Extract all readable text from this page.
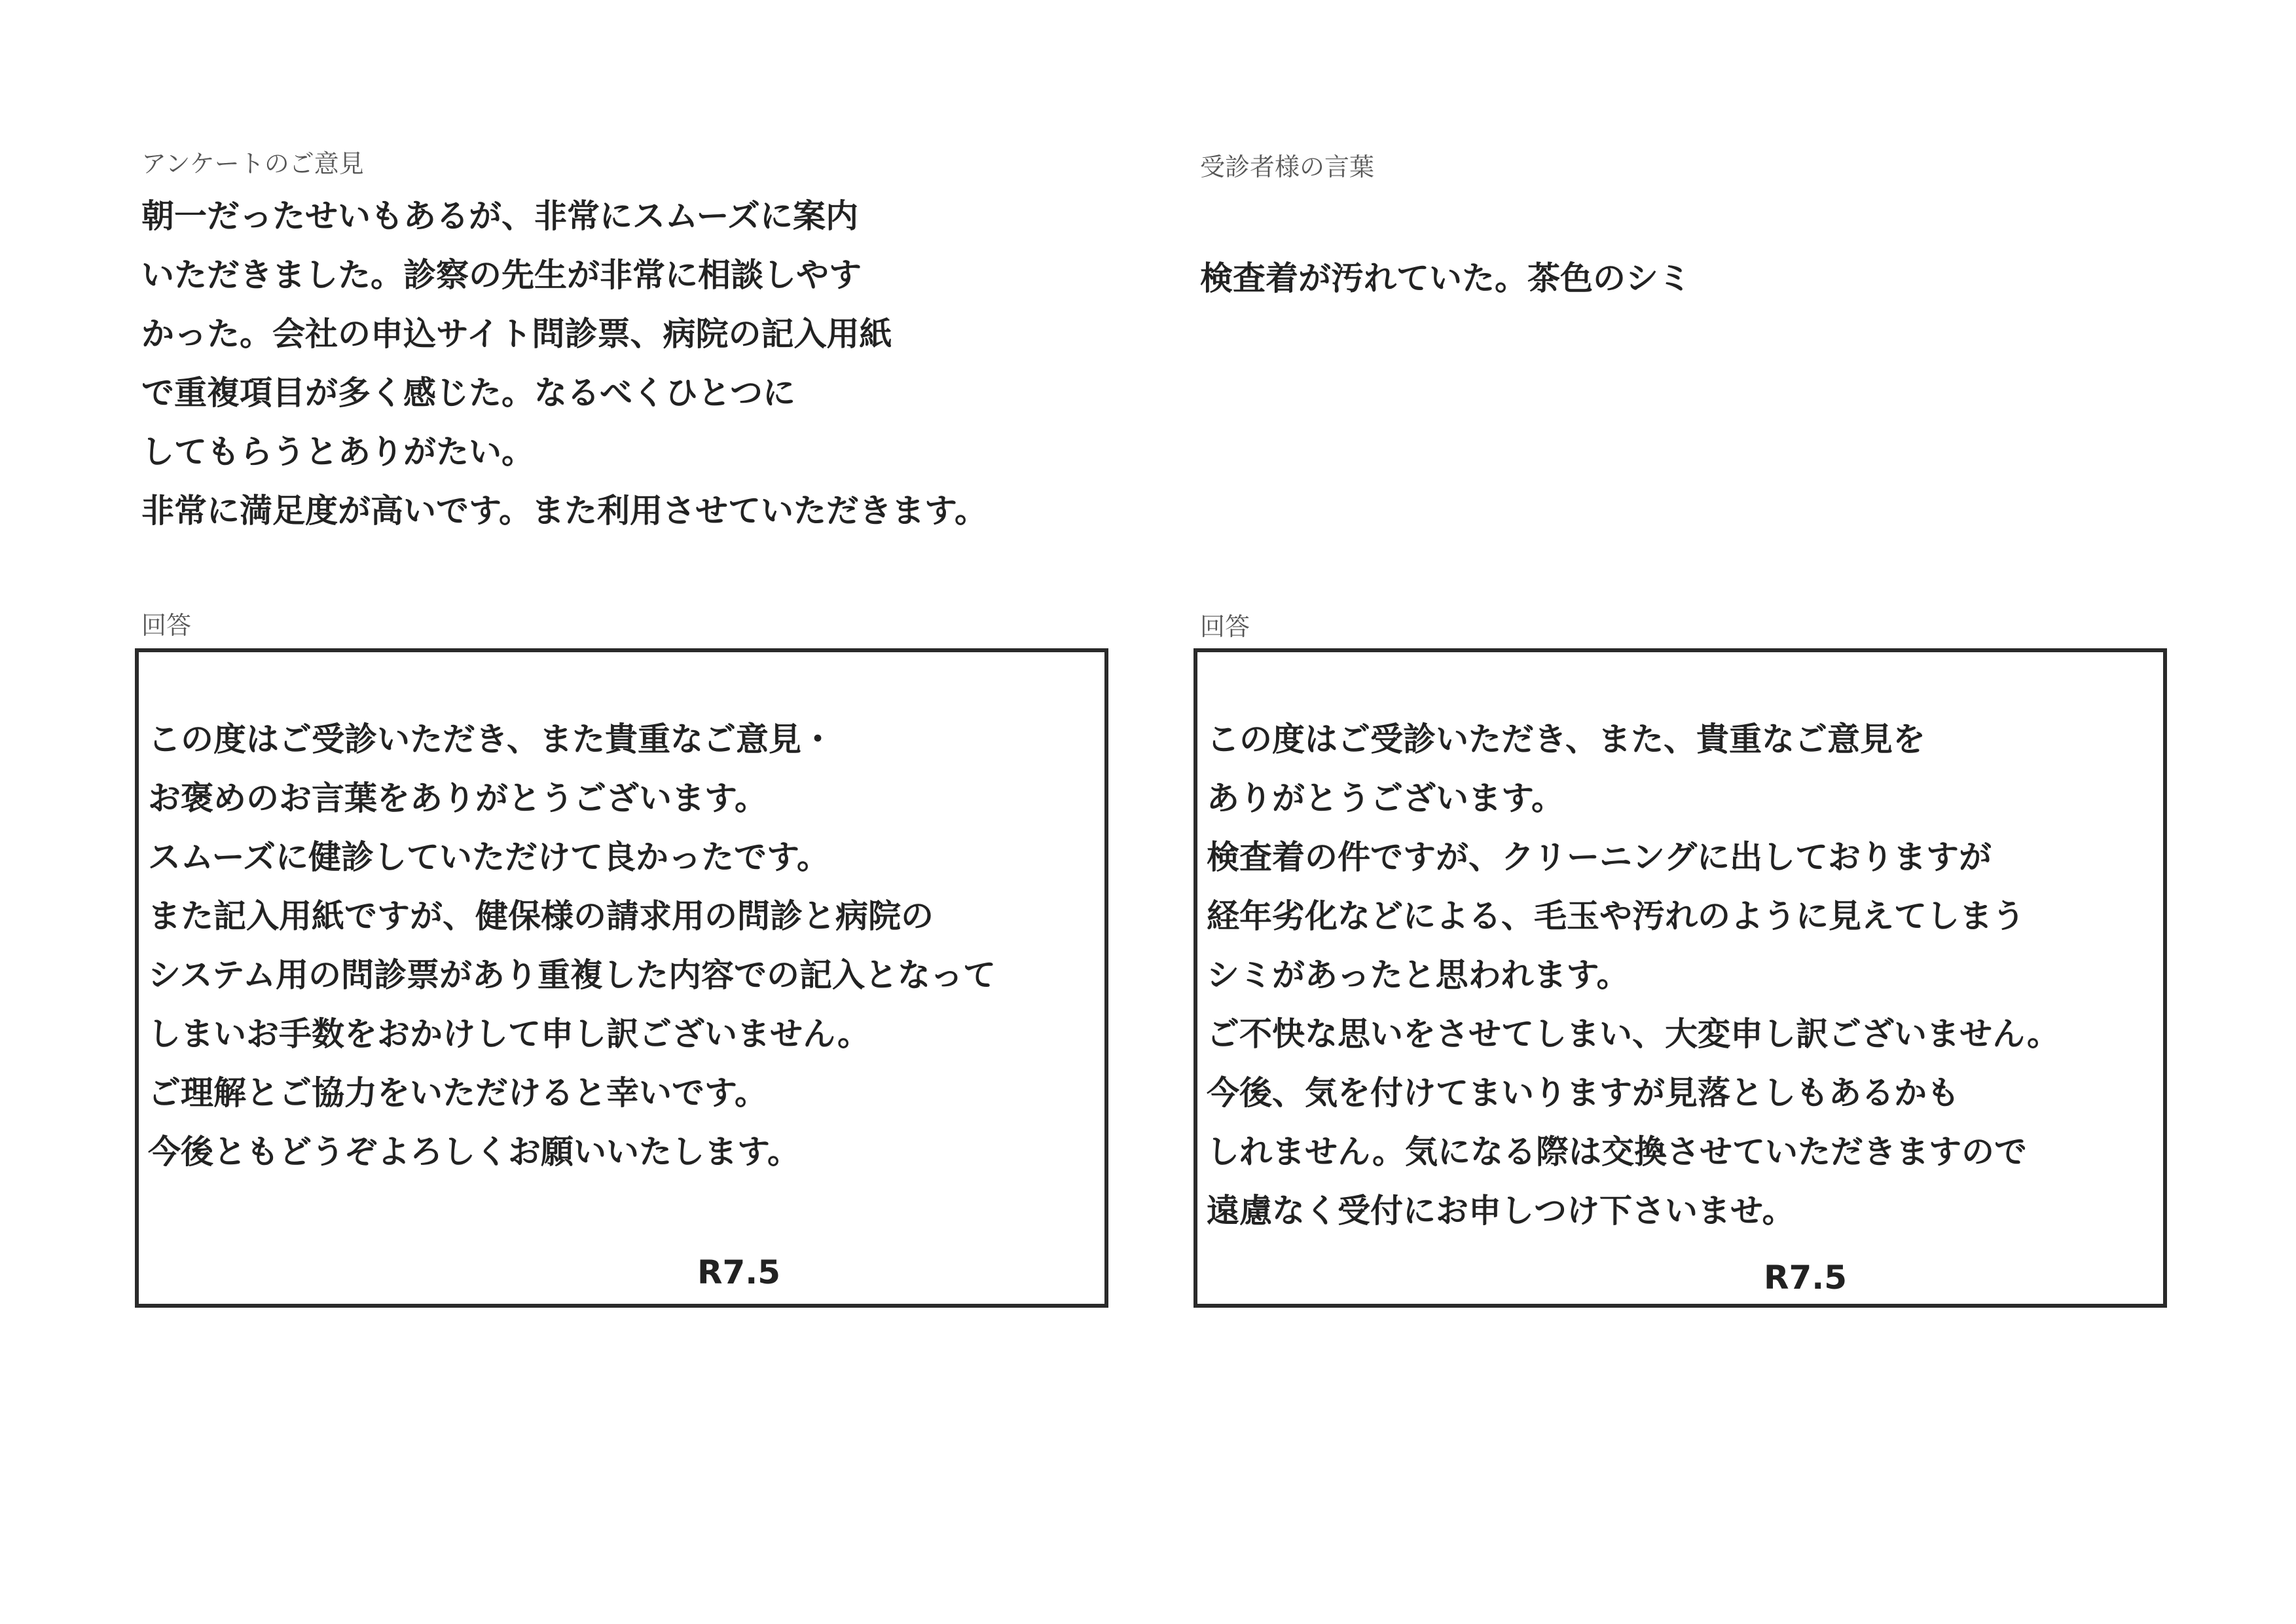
アンケートのご意見
朝一だったせいもあるが、非常にスムーズに案内
いただきました。診察の先生が非常に相談しやす
かった。会社の申込サイト問診票、病院の記入用紙
で重複項目が多く感じた。なるべくひとつに
してもらうとありがたい。
非常に満足度が高いです。また利用させていただきます。
回答
この度はご受診いただき、また貴重なご意見・
お褒めのお言葉をありがとうございます。
スムーズに健診していただけて良かったです。
また記入用紙ですが、健保様の請求用の問診と病院の
システム用の問診票があり重複した内容での記入となって
しまいお手数をおかけして申し訳ございません。
ご理解とご協力をいただけると幸いです。
今後ともどうぞよろしくお願いいたします。
R7.5
受診者様の言葉
検査着が汚れていた。茶色のシミ
回答
この度はご受診いただき、また、貴重なご意見を
ありがとうございます。
検査着の件ですが、クリーニングに出しておりますが
経年劣化などによる、毛玉や汚れのように見えてしまう
シミがあったと思われます。
ご不快な思いをさせてしまい、大変申し訳ございません。
今後、気を付けてまいりますが見落としもあるかも
しれません。気になる際は交換させていただきますので
遠慮なく受付にお申しつけ下さいませ。
R7.5
